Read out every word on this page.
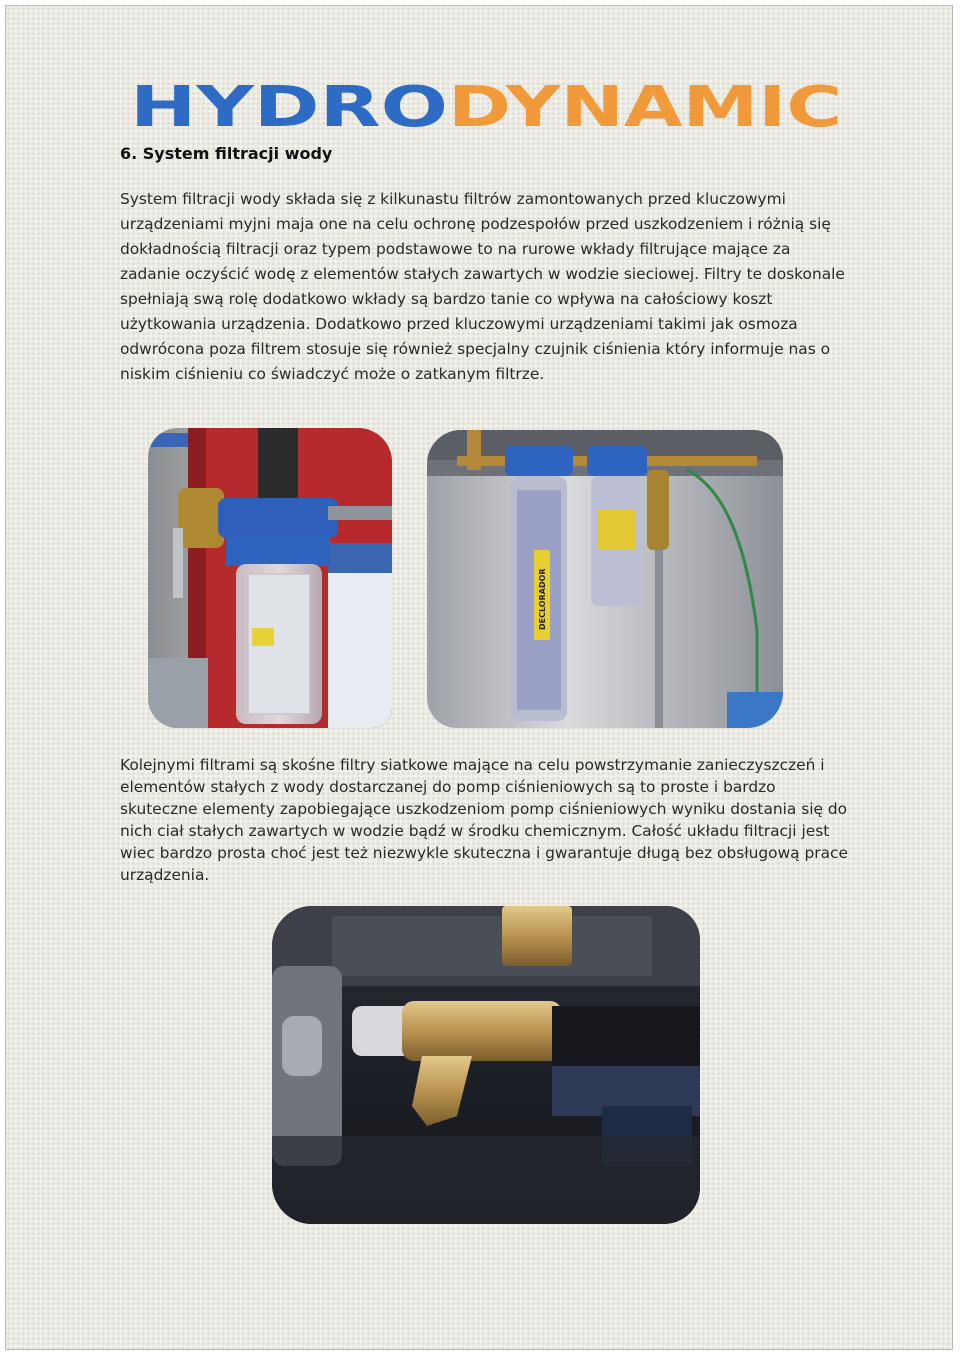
HYDRO DYNAMIC
6. System filtracji wody

System filtracji wody składa się z kilkunastu filtrów zamontowanych przed kluczowymi urządzeniami myjni maja one na celu ochronę podzespołów przed uszkodzeniem i różnią się dokładnością filtracji oraz typem podstawowe to na rurowe wkłady filtrujące mające za zadanie oczyścić wodę z elementów stałych zawartych w wodzie sieciowej. Filtry te doskonale spełniają swą rolę dodatkowo wkłady są bardzo tanie co wpływa na całościowy koszt użytkowania urządzenia. Dodatkowo przed kluczowymi urządzeniami takimi jak osmoza odwrócona poza filtrem stosuje się również specjalny czujnik ciśnienia który informuje nas o niskim ciśnieniu co świadczyć może o zatkanym filtrze.

DECLORADOR

Kolejnymi filtrami są skośne filtry siatkowe mające na celu powstrzymanie zanieczyszczeń i elementów stałych z wody dostarczanej do pomp ciśnieniowych są to proste i bardzo skuteczne elementy zapobiegające uszkodzeniom pomp ciśnieniowych wyniku dostania się do nich ciał stałych zawartych w wodzie bądź w środku chemicznym. Całość układu filtracji jest wiec bardzo prosta choć jest też niezwykle skuteczna i gwarantuje długą bez obsługową prace urządzenia.
